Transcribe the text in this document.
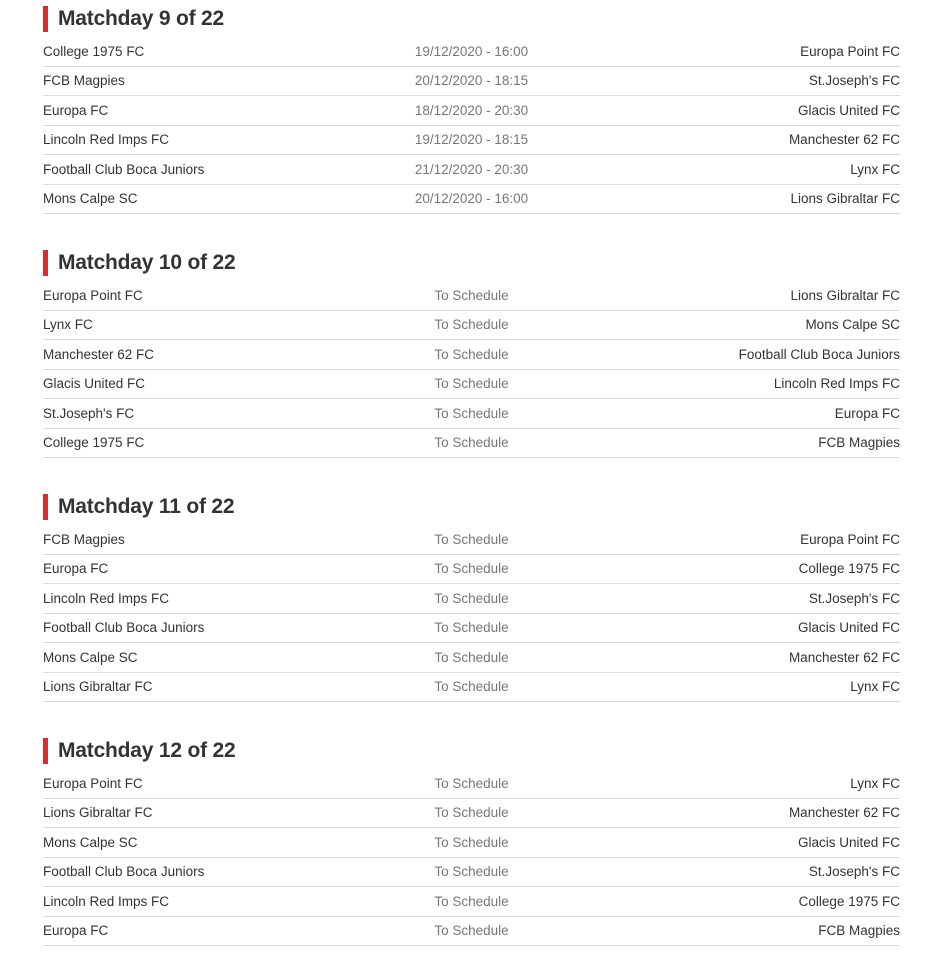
Matchday 9 of 22
College 1975 FC	19/12/2020 - 16:00	Europa Point FC
FCB Magpies	20/12/2020 - 18:15	St.Joseph's FC
Europa FC	18/12/2020 - 20:30	Glacis United FC
Lincoln Red Imps FC	19/12/2020 - 18:15	Manchester 62 FC
Football Club Boca Juniors	21/12/2020 - 20:30	Lynx FC
Mons Calpe SC	20/12/2020 - 16:00	Lions Gibraltar FC
Matchday 10 of 22
Europa Point FC	To Schedule	Lions Gibraltar FC
Lynx FC	To Schedule	Mons Calpe SC
Manchester 62 FC	To Schedule	Football Club Boca Juniors
Glacis United FC	To Schedule	Lincoln Red Imps FC
St.Joseph's FC	To Schedule	Europa FC
College 1975 FC	To Schedule	FCB Magpies
Matchday 11 of 22
FCB Magpies	To Schedule	Europa Point FC
Europa FC	To Schedule	College 1975 FC
Lincoln Red Imps FC	To Schedule	St.Joseph's FC
Football Club Boca Juniors	To Schedule	Glacis United FC
Mons Calpe SC	To Schedule	Manchester 62 FC
Lions Gibraltar FC	To Schedule	Lynx FC
Matchday 12 of 22
Europa Point FC	To Schedule	Lynx FC
Lions Gibraltar FC	To Schedule	Manchester 62 FC
Mons Calpe SC	To Schedule	Glacis United FC
Football Club Boca Juniors	To Schedule	St.Joseph's FC
Lincoln Red Imps FC	To Schedule	College 1975 FC
Europa FC	To Schedule	FCB Magpies
